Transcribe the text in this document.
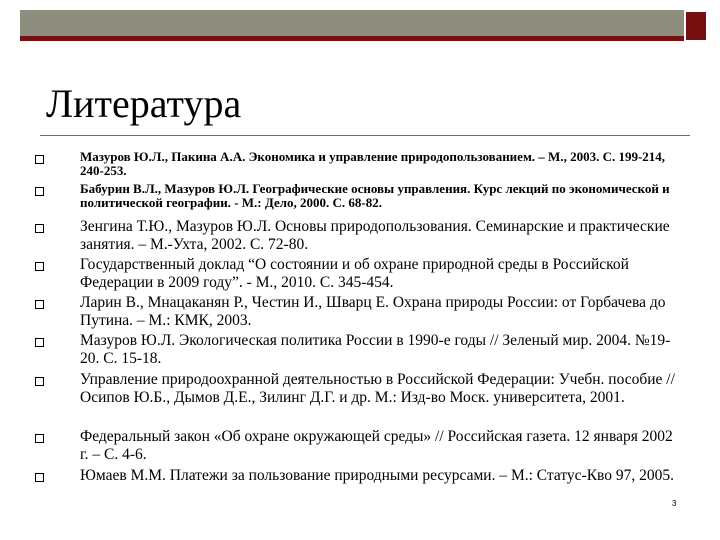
Литература
Мазуров Ю.Л., Пакина А.А. Экономика и управление природопользованием. – М., 2003. С. 199-214, 240-253.
Бабурин В.Л., Мазуров Ю.Л. Географические основы управления. Курс лекций по экономической и политической географии. - М.: Дело, 2000. С. 68-82.
Зенгина Т.Ю., Мазуров Ю.Л. Основы природопользования. Семинарские и практические занятия. – М.-Ухта, 2002. С. 72-80.
Государственный доклад “О состоянии и об охране природной среды в Российской Федерации в 2009 году”. - М., 2010. С. 345-454.
Ларин В., Мнацаканян Р., Честин И., Шварц Е. Охрана природы России: от Горбачева до Путина. – М.: КМК, 2003.
Мазуров Ю.Л. Экологическая политика России в 1990-е годы // Зеленый мир. 2004. №19-20. С. 15-18.
Управление природоохранной деятельностью в Российской Федерации: Учебн. пособие // Осипов Ю.Б., Дымов Д.Е., Зилинг Д.Г. и др. М.: Изд-во Моск. университета, 2001.
Федеральный закон «Об охране окружающей среды» // Российская газета. 12 января 2002 г. – С. 4-6.
Юмаев М.М. Платежи за пользование природными ресурсами. – М.: Статус-Кво 97, 2005.
3
